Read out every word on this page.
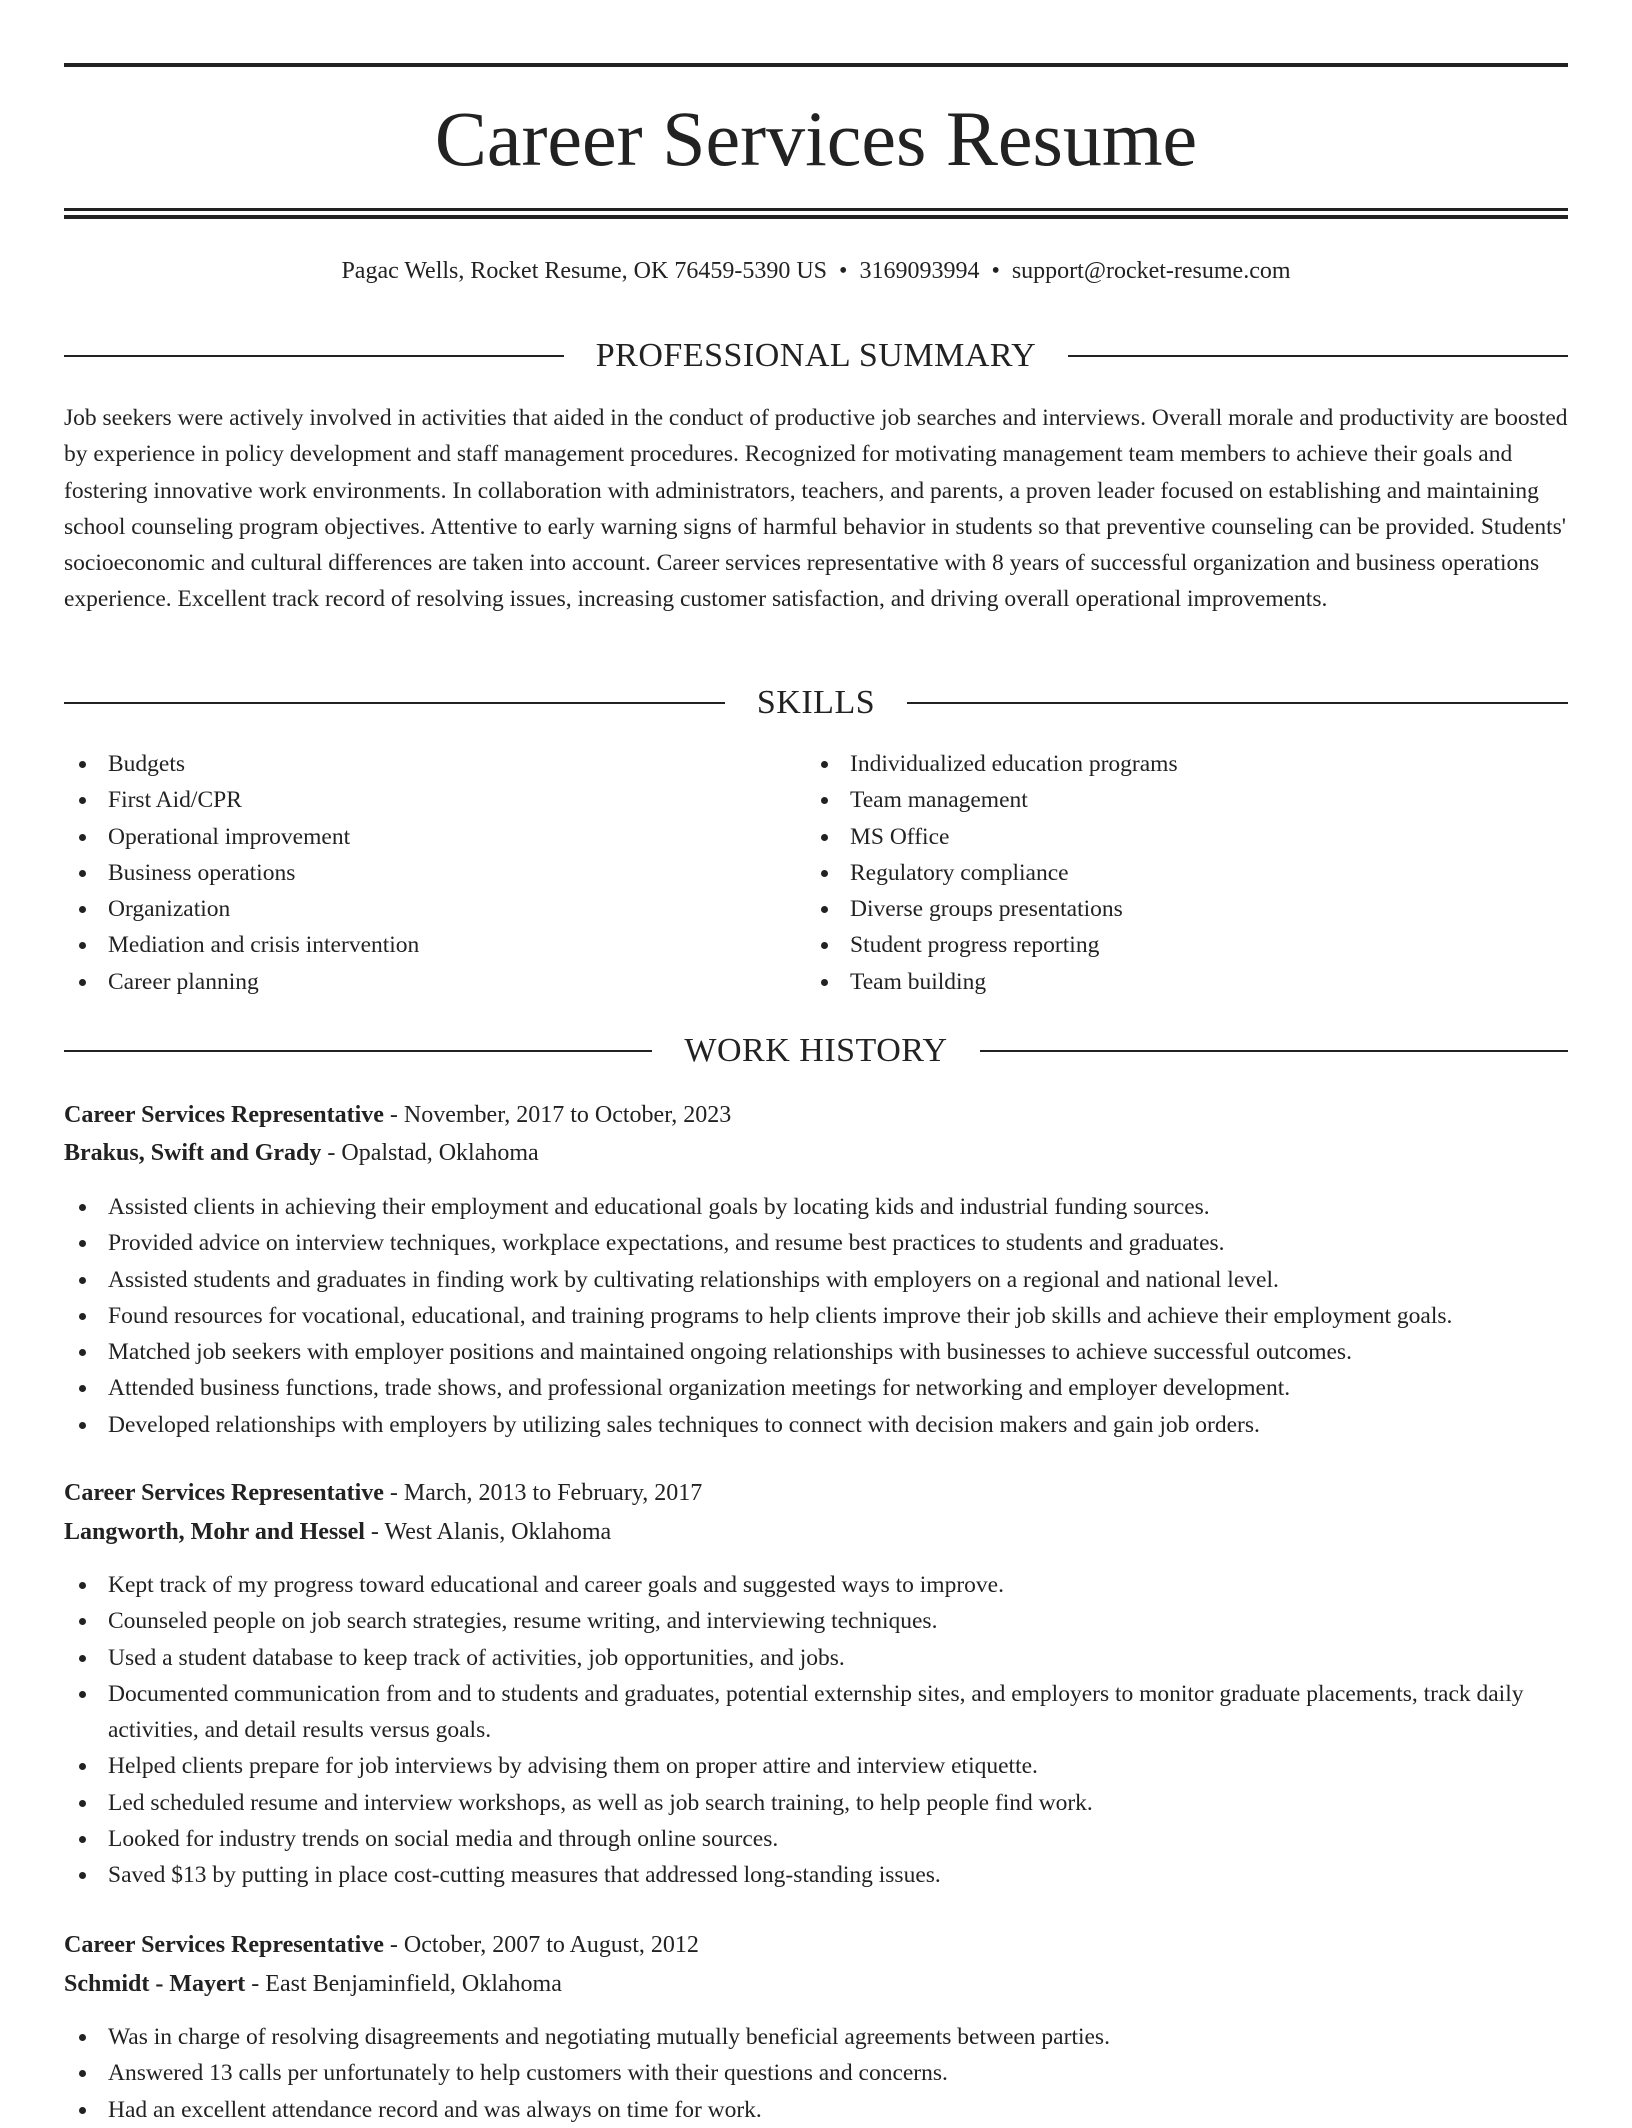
Career Services Resume
Pagac Wells, Rocket Resume, OK 76459-5390 US • 3169093994 • support@rocket-resume.com
PROFESSIONAL SUMMARY

Job seekers were actively involved in activities that aided in the conduct of productive job searches and interviews. Overall morale and productivity are boosted by experience in policy development and staff management procedures. Recognized for motivating management team members to achieve their goals and fostering innovative work environments. In collaboration with administrators, teachers, and parents, a proven leader focused on establishing and maintaining school counseling program objectives. Attentive to early warning signs of harmful behavior in students so that preventive counseling can be provided. Students' socioeconomic and cultural differences are taken into account. Career services representative with 8 years of successful organization and business operations experience. Excellent track record of resolving issues, increasing customer satisfaction, and driving overall operational improvements.

SKILLS
Budgets
First Aid/CPR
Operational improvement
Business operations
Organization
Mediation and crisis intervention
Career planning
Individualized education programs
Team management
MS Office
Regulatory compliance
Diverse groups presentations
Student progress reporting
Team building
WORK HISTORY
Career Services Representative - November, 2017 to October, 2023
Brakus, Swift and Grady - Opalstad, Oklahoma
Assisted clients in achieving their employment and educational goals by locating kids and industrial funding sources.
Provided advice on interview techniques, workplace expectations, and resume best practices to students and graduates.
Assisted students and graduates in finding work by cultivating relationships with employers on a regional and national level.
Found resources for vocational, educational, and training programs to help clients improve their job skills and achieve their employment goals.
Matched job seekers with employer positions and maintained ongoing relationships with businesses to achieve successful outcomes.
Attended business functions, trade shows, and professional organization meetings for networking and employer development.
Developed relationships with employers by utilizing sales techniques to connect with decision makers and gain job orders.
Career Services Representative - March, 2013 to February, 2017
Langworth, Mohr and Hessel - West Alanis, Oklahoma
Kept track of my progress toward educational and career goals and suggested ways to improve.
Counseled people on job search strategies, resume writing, and interviewing techniques.
Used a student database to keep track of activities, job opportunities, and jobs.
Documented communication from and to students and graduates, potential externship sites, and employers to monitor graduate placements, track daily activities, and detail results versus goals.
Helped clients prepare for job interviews by advising them on proper attire and interview etiquette.
Led scheduled resume and interview workshops, as well as job search training, to help people find work.
Looked for industry trends on social media and through online sources.
Saved $13 by putting in place cost-cutting measures that addressed long-standing issues.
Career Services Representative - October, 2007 to August, 2012
Schmidt - Mayert - East Benjaminfield, Oklahoma
Was in charge of resolving disagreements and negotiating mutually beneficial agreements between parties.
Answered 13 calls per unfortunately to help customers with their questions and concerns.
Had an excellent attendance record and was always on time for work.
